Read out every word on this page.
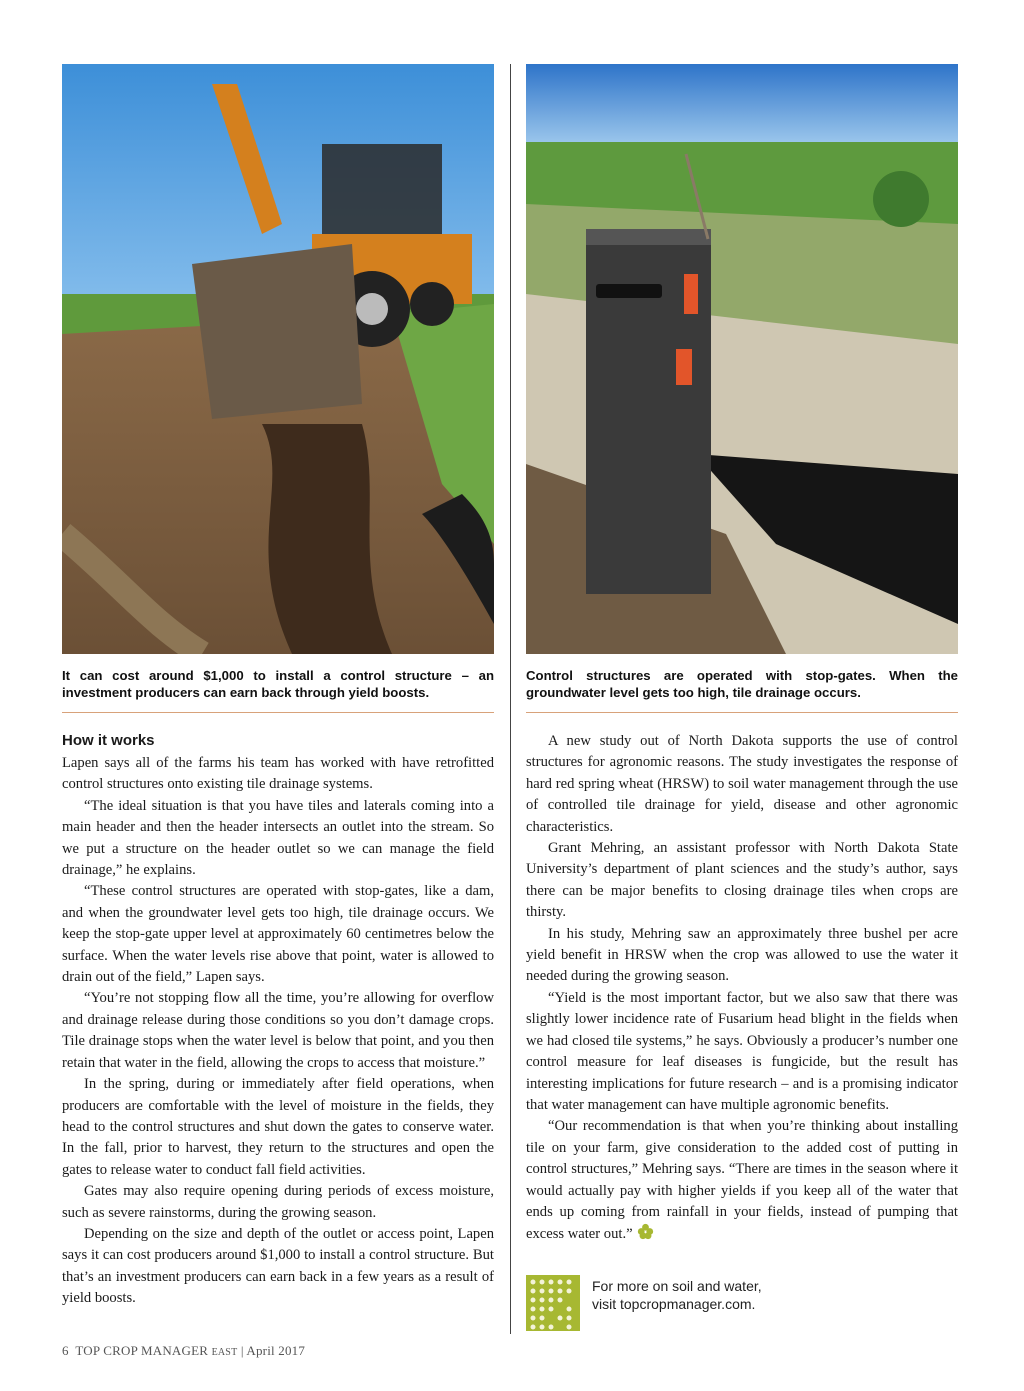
It can cost around $1,000 to install a control structure – an investment producers can earn back through yield boosts.
Control structures are operated with stop-gates. When the groundwater level gets too high, tile drainage occurs.
How it works

Lapen says all of the farms his team has worked with have retrofitted control structures onto existing tile drainage systems.

“The ideal situation is that you have tiles and laterals coming into a main header and then the header intersects an outlet into the stream. So we put a structure on the header outlet so we can manage the field drainage,” he explains.

“These control structures are operated with stop-gates, like a dam, and when the groundwater level gets too high, tile drainage occurs. We keep the stop-gate upper level at approximately 60 centimetres below the surface. When the water levels rise above that point, water is allowed to drain out of the field,” Lapen says.

“You’re not stopping flow all the time, you’re allowing for overflow and drainage release during those conditions so you don’t damage crops. Tile drainage stops when the water level is below that point, and you then retain that water in the field, allowing the crops to access that moisture.”

In the spring, during or immediately after field operations, when producers are comfortable with the level of moisture in the fields, they head to the control structures and shut down the gates to conserve water. In the fall, prior to harvest, they return to the structures and open the gates to release water to conduct fall field activities.

Gates may also require opening during periods of excess moisture, such as severe rainstorms, during the growing season.

Depending on the size and depth of the outlet or access point, Lapen says it can cost producers around $1,000 to install a control structure. But that’s an investment producers can earn back in a few years as a result of yield boosts.

A new study out of North Dakota supports the use of control structures for agronomic reasons. The study investigates the response of hard red spring wheat (HRSW) to soil water management through the use of controlled tile drainage for yield, disease and other agronomic characteristics.

Grant Mehring, an assistant professor with North Dakota State University’s department of plant sciences and the study’s author, says there can be major benefits to closing drainage tiles when crops are thirsty.

In his study, Mehring saw an approximately three bushel per acre yield benefit in HRSW when the crop was allowed to use the water it needed during the growing season.

“Yield is the most important factor, but we also saw that there was slightly lower incidence rate of Fusarium head blight in the fields when we had closed tile systems,” he says. Obviously a producer’s number one control measure for leaf diseases is fungicide, but the result has interesting implications for future research – and is a promising indicator that water management can have multiple agronomic benefits.

“Our recommendation is that when you’re thinking about installing tile on your farm, give consideration to the added cost of putting in control structures,” Mehring says. “There are times in the season where it would actually pay with higher yields if you keep all of the water that ends up coming from rainfall in your fields, instead of pumping that excess water out.”

For more on soil and water,
visit topcropmanager.com.
6 TOP CROP MANAGER EAST | April 2017
